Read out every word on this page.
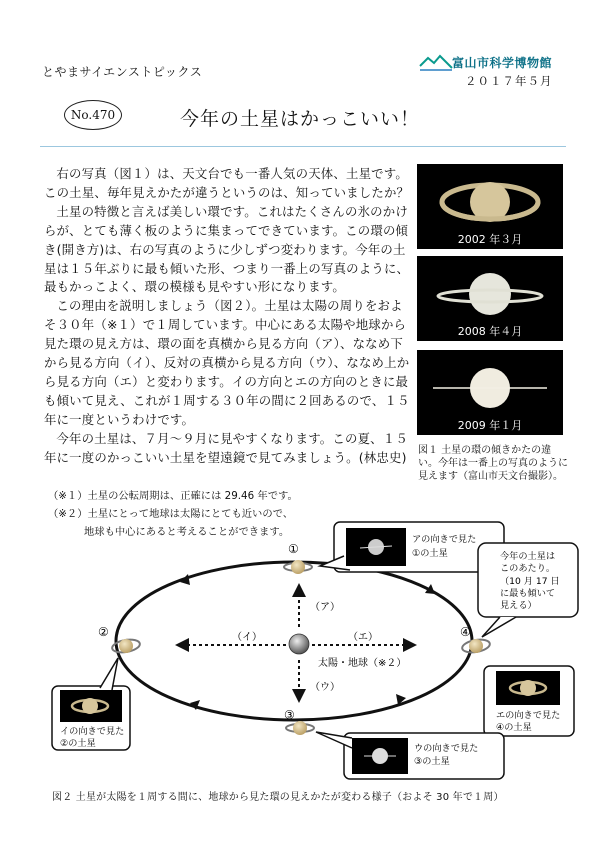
とやまサイエンストピックス
富山市科学博物館
２０１７年５月
No.470	今年の土星はかっこいい！

右の写真（図１）は、天文台でも一番人気の天体、土星です。この土星、毎年見えかたが違うというのは、知っていましたか？

土星の特徴と言えば美しい環です。これはたくさんの氷のかけらが、とても薄く板のように集まってできています。この環の傾き(開き方)は、右の写真のように少しずつ変わります。今年の土星は１５年ぶりに最も傾いた形、つまり一番上の写真のように、最もかっこよく、環の模様も見やすい形になります。

この理由を説明しましょう（図２）。土星は太陽の周りをおよそ３０年（※１）で１周しています。中心にある太陽や地球から見た環の見え方は、環の面を真横から見る方向（ア）、ななめ下から見る方向（イ）、反対の真横から見る方向（ウ）、ななめ上から見る方向（エ）と変わります。イの方向とエの方向のときに最も傾いて見え、これが１周する３０年の間に２回あるので、１５年に一度というわけです。

今年の土星は、７月～９月に見やすくなります。この夏、１５年に一度のかっこいい土星を望遠鏡で見てみましょう。(林忠史)

（※１）土星の公転周期は、正確には 29.46 年です。
（※２）土星にとって地球は太陽にとても近いので、
地球も中心にあると考えることができます。
2002 年３月
2008 年４月
2009 年１月
図１ 土星の環の傾きかたの違い。今年は一番上の写真のように見えます（富山市天文台撮影）。
①
②
③
④
（ア）
（イ）
（ウ）
（エ）
太陽・地球（※２）
アの向きで見た
①の土星	今年の土星は
このあたり。
（10 月 17 日
に最も傾いて
見える）
エの向きで見た
④の土星
イの向きで見た
②の土星	ウの向きで見た
③の土星
図２ 土星が太陽を１周する間に、地球から見た環の見えかたが変わる様子（およそ 30 年で１周）
